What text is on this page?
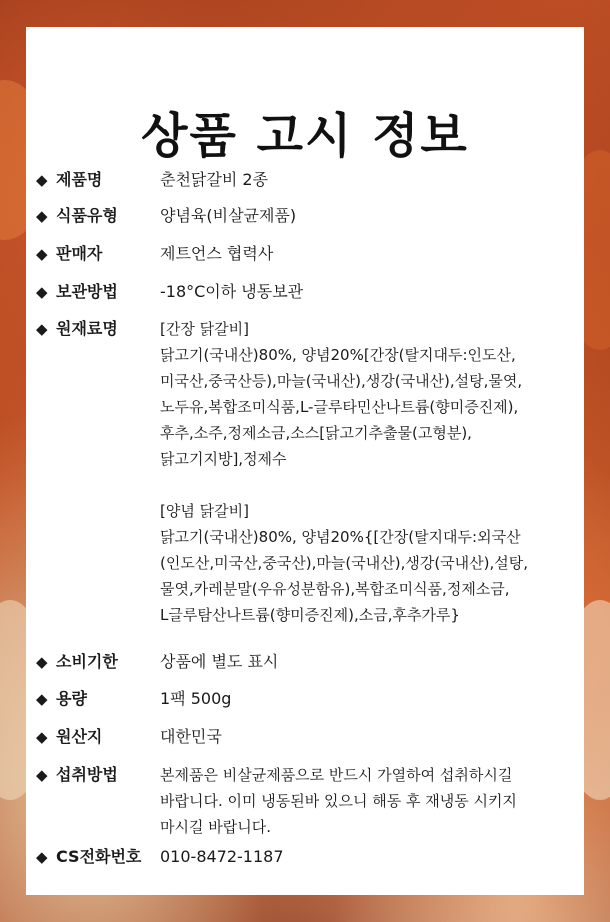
상품 고시 정보
◆ 제품명	춘천닭갈비 2종
◆ 식품유형	양념육(비살균제품)
◆ 판매자	제트언스 협력사
◆ 보관방법	-18°C이하 냉동보관
◆ 원재료명	[간장 닭갈비]
닭고기(국내산)80%, 양념20%[간장(탈지대두:인도산,
미국산,중국산등),마늘(국내산),생강(국내산),설탕,물엿,
노두유,복합조미식품,L-글루타민산나트륨(향미증진제),
후추,소주,정제소금,소스[닭고기추출물(고형분),
닭고기지방],정제수

[양념 닭갈비]
닭고기(국내산)80%, 양념20%{[간장(탈지대두:외국산
(인도산,미국산,중국산),마늘(국내산),생강(국내산),설탕,
물엿,카레분말(우유성분함유),복합조미식품,정제소금,
L글루탐산나트륨(향미증진제),소금,후추가루}
◆ 소비기한	상품에 별도 표시
◆ 용량	1팩 500g
◆ 원산지	대한민국
◆ 섭취방법	본제품은 비살균제품으로 반드시 가열하여 섭취하시길
바랍니다. 이미 냉동된바 있으니 해동 후 재냉동 시키지
마시길 바랍니다.
◆ CS전화번호 010-8472-1187
